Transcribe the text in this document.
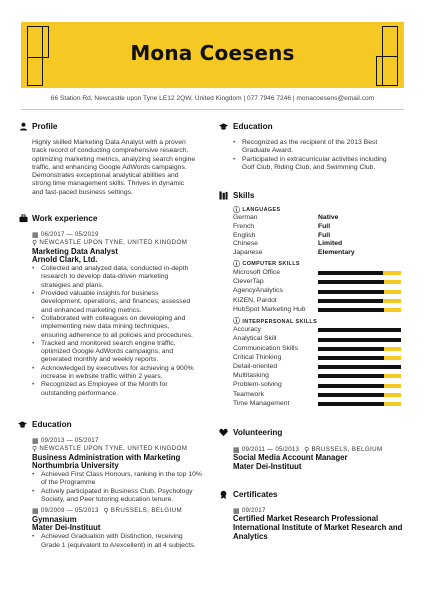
Mona Coesens
66 Station Rd, Newcastle upon Tyne LE12 2QW, United Kingdom | 077 7946 7246 | monacoesens@email.com
Profile

Highly skilled Marketing Data Analyst with a proven track record of conducting comprehensive research, optimizing marketing metrics, analyzing search engine traffic, and enhancing Google AdWords campaigns. Demonstrates exceptional analytical abilities and strong time management skills. Thrives in dynamic and fast-paced business settings.

Work experience
▦ 06/2017 — 05/2019
⚲ NEWCASTLE UPON TYNE, UNITED KINGDOM
Marketing Data Analyst
Arnold Clark, Ltd.
• Collected and analyzed data, conducted in-depth research to develop data-driven marketing strategies and plans.
• Provided valuable insights for business development, operations, and finances; assessed and enhanced marketing metrics.
• Collaborated with colleagues on developing and implementing new data mining techniques, ensuring adherence to all policies and procedures.
• Tracked and monitored search engine traffic, optimized Google AdWords campaigns, and generated monthly and weekly reports.
• Acknowledged by executives for achieving a 900% increase in website traffic within 2 years.
• Recognized as Employee of the Month for outstanding performance.
Education
▦ 09/2013 — 05/2017
⚲ NEWCASTLE UPON TYNE, UNITED KINGDOM
Business Administration with Marketing
Northumbria University
• Achieved First Class Honours, ranking in the top 10% of the Programme
• Actively participated in Business Club, Psychology Society, and Peer tutoring education tenure.
▦ 09/2009 — 05/2013 ⚲ BRUSSELS, BELGIUM
Gymnasium
Mater Dei-Instituut
• Achieved Graduation with Distinction, receiving Grade 1 (equivalent to A/excellent) in all 4 subjects.
Education
• Recognized as the recipient of the 2013 Best Graduate Award.
• Participated in extracurricular activities including Golf Club, Riding Club, and Swimming Club.
Skills
ⓘ LANGUAGES
German	Native
French	Full
English	Full
Chinese	Limited
Japanese	Elementary
ⓘ COMPUTER SKILLS
Microsoft Office
CleverTap
AgencyAnalytics
KIZEN, Pardot
HubSpot Marketing Hub
ⓘ INTERPERSONAL SKILLS
Accuracy
Analytical Skill
Communication Skills
Critical Thinking
Detail-oriented
Multitasking
Problem-solving
Teamwork
Time Management
Volunteering
▦ 09/2011 — 05/2013 ⚲ BRUSSELS, BELGIUM
Social Media Account Manager
Mater Dei-Instituut
Certificates
▦ 09/2017
Certified Market Research Professional
International Institute of Market Research and Analytics
